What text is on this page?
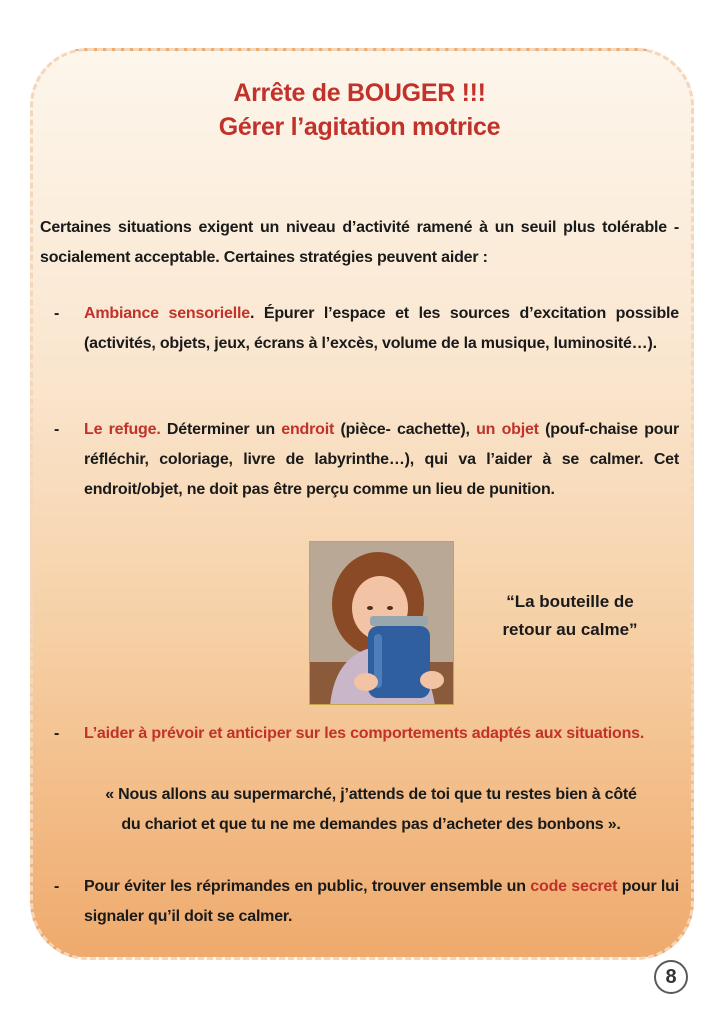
Arrête de BOUGER !!!
Gérer l’agitation motrice
Certaines situations exigent un niveau d’activité ramené à un seuil plus tolérable - socialement acceptable. Certaines stratégies peuvent aider :
- Ambiance sensorielle. Épurer l’espace et les sources d’excitation possible (activités, objets, jeux, écrans à l’excès, volume de la musique, luminosité…).
- Le refuge. Déterminer un endroit (pièce- cachette), un objet (pouf-chaise pour réfléchir, coloriage, livre de labyrinthe…), qui va l’aider à se calmer. Cet endroit/objet, ne doit pas être perçu comme un lieu de punition.
“La bouteille de
retour au calme”
- L’aider à prévoir et anticiper sur les comportements adaptés aux situations.
« Nous allons au supermarché, j’attends de toi que tu restes bien à côté
du chariot et que tu ne me demandes pas d’acheter des bonbons ».
- Pour éviter les réprimandes en public, trouver ensemble un code secret pour lui signaler qu’il doit se calmer.
8
